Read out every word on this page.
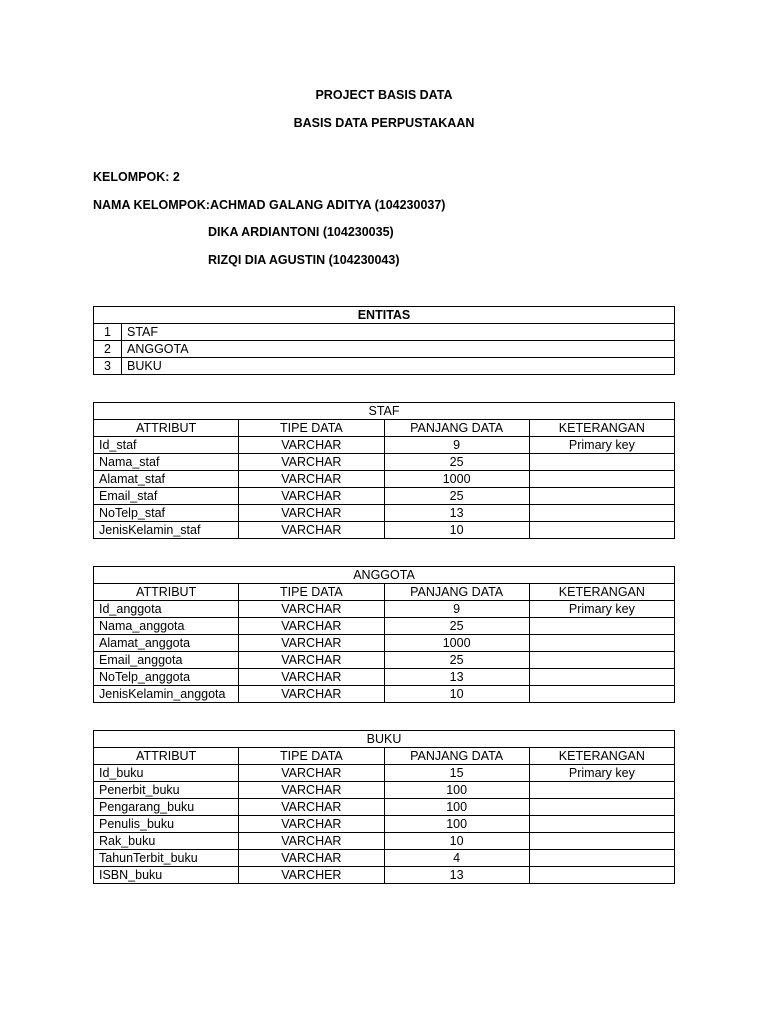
PROJECT BASIS DATA
BASIS DATA PERPUSTAKAAN
KELOMPOK: 2
NAMA KELOMPOK: ACHMAD GALANG ADITYA (104230037)
DIKA ARDIANTONI (104230035)
RIZQI DIA AGUSTIN (104230043)
ENTITAS	
1	STAF
2	ANGGOTA
3	BUKU
STAF			
ATTRIBUT	TIPE DATA	PANJANG DATA	KETERANGAN
Id_staf	VARCHAR	9	Primary key
Nama_staf	VARCHAR	25	
Alamat_staf	VARCHAR	1000	
Email_staf	VARCHAR	25	
NoTelp_staf	VARCHAR	13	
JenisKelamin_staf	VARCHAR	10	
ANGGOTA			
ATTRIBUT	TIPE DATA	PANJANG DATA	KETERANGAN
Id_anggota	VARCHAR	9	Primary key
Nama_anggota	VARCHAR	25	
Alamat_anggota	VARCHAR	1000	
Email_anggota	VARCHAR	25	
NoTelp_anggota	VARCHAR	13	
JenisKelamin_anggota	VARCHAR	10	
BUKU			
ATTRIBUT	TIPE DATA	PANJANG DATA	KETERANGAN
Id_buku	VARCHAR	15	Primary key
Penerbit_buku	VARCHAR	100	
Pengarang_buku	VARCHAR	100	
Penulis_buku	VARCHAR	100	
Rak_buku	VARCHAR	10	
TahunTerbit_buku	VARCHAR	4	
ISBN_buku	VARCHER	13	
